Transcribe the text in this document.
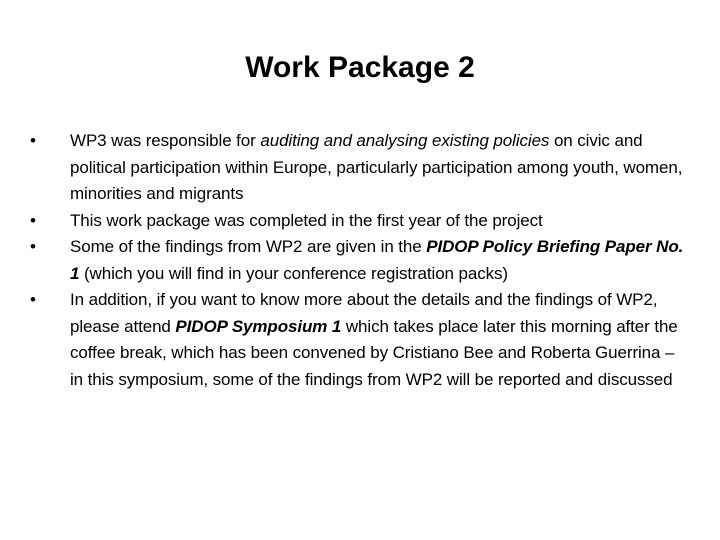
Work Package 2
•	WP3 was responsible for auditing and analysing existing policies on civic and political participation within Europe, particularly participation among youth, women, minorities and migrants
•	This work package was completed in the first year of the project
•	Some of the findings from WP2 are given in the PIDOP Policy Briefing Paper No. 1 (which you will find in your conference registration packs)
•	In addition, if you want to know more about the details and the findings of WP2, please attend PIDOP Symposium 1 which takes place later this morning after the coffee break, which has been convened by Cristiano Bee and Roberta Guerrina – in this symposium, some of the findings from WP2 will be reported and discussed
